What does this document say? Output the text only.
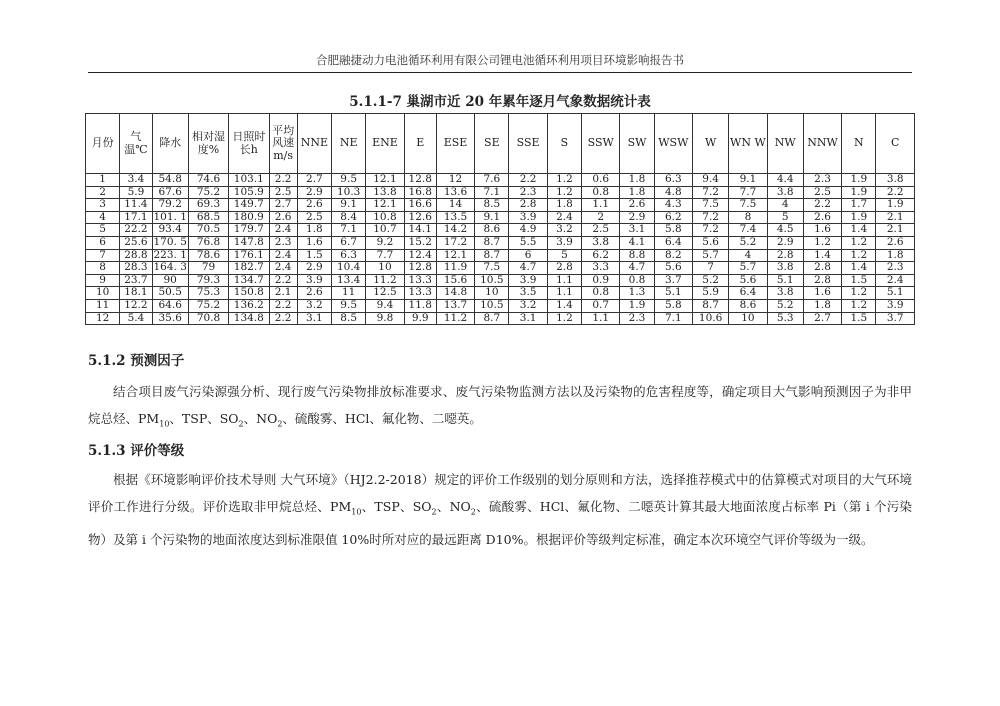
合肥融捷动力电池循环利用有限公司锂电池循环利用项目环境影响报告书
5.1.1-7 巢湖市近 20 年累年逐月气象数据统计表
月份	气温℃	降水	相对湿度%	日照时长h	平均风速m/s	NNE	NE	ENE	E	ESE	SE	SSE	S	SSW	SW	WSW	W	WN W	NW	NNW	N	C
1	3.4	54.8	74.6	103.1	2.2	2.7	9.5	12.1	12.8	12	7.6	2.2	1.2	0.6	1.8	6.3	9.4	9.1	4.4	2.3	1.9	3.8
2	5.9	67.6	75.2	105.9	2.5	2.9	10.3	13.8	16.8	13.6	7.1	2.3	1.2	0.8	1.8	4.8	7.2	7.7	3.8	2.5	1.9	2.2
3	11.4	79.2	69.3	149.7	2.7	2.6	9.1	12.1	16.6	14	8.5	2.8	1.8	1.1	2.6	4.3	7.5	7.5	4	2.2	1.7	1.9
4	17.1	101. 1	68.5	180.9	2.6	2.5	8.4	10.8	12.6	13.5	9.1	3.9	2.4	2	2.9	6.2	7.2	8	5	2.6	1.9	2.1
5	22.2	93.4	70.5	179.7	2.4	1.8	7.1	10.7	14.1	14.2	8.6	4.9	3.2	2.5	3.1	5.8	7.2	7.4	4.5	1.6	1.4	2.1
6	25.6	170. 5	76.8	147.8	2.3	1.6	6.7	9.2	15.2	17.2	8.7	5.5	3.9	3.8	4.1	6.4	5.6	5.2	2.9	1.2	1.2	2.6
7	28.8	223. 1	78.6	176.1	2.4	1.5	6.3	7.7	12.4	12.1	8.7	6	5	6.2	8.8	8.2	5.7	4	2.8	1.4	1.2	1.8
8	28.3	164. 3	79	182.7	2.4	2.9	10.4	10	12.8	11.9	7.5	4.7	2.8	3.3	4.7	5.6	7	5.7	3.8	2.8	1.4	2.3
9	23.7	90	79.3	134.7	2.2	3.9	13.4	11.2	13.3	15.6	10.5	3.9	1.1	0.9	0.8	3.7	5.2	5.6	5.1	2.8	1.5	2.4
10	18.1	50.5	75.3	150.8	2.1	2.6	11	12.5	13.3	14.8	10	3.5	1.1	0.8	1.3	5.1	5.9	6.4	3.8	1.6	1.2	5.1
11	12.2	64.6	75.2	136.2	2.2	3.2	9.5	9.4	11.8	13.7	10.5	3.2	1.4	0.7	1.9	5.8	8.7	8.6	5.2	1.8	1.2	3.9
12	5.4	35.6	70.8	134.8	2.2	3.1	8.5	9.8	9.9	11.2	8.7	3.1	1.2	1.1	2.3	7.1	10.6	10	5.3	2.7	1.5	3.7
5.1.2 预测因子
结合项目废气污染源强分析、现行废气污染物排放标准要求、废气污染物监测方法以及污染物的危害程度等，确定项目大气影响预测因子为非甲烷总烃、$PM_{10}$、TSP、$SO_2$、$NO_2$、硫酸雾、HCl、氟化物、二噁英。
5.1.3 评价等级
根据《环境影响评价技术导则 大气环境》（HJ2.2-2018）规定的评价工作级别的划分原则和方法，选择推荐模式中的估算模式对项目的大气环境评价工作进行分级。评价选取非甲烷总烃、$PM_{10}$、TSP、$SO_2$、$NO_2$、硫酸雾、HCl、氟化物、二噁英计算其最大地面浓度占标率 Pi（第 i 个污染物）及第 i 个污染物的地面浓度达到标准限值 10%时所对应的最远距离 D10%。根据评价等级判定标准，确定本次环境空气评价等级为一级。
